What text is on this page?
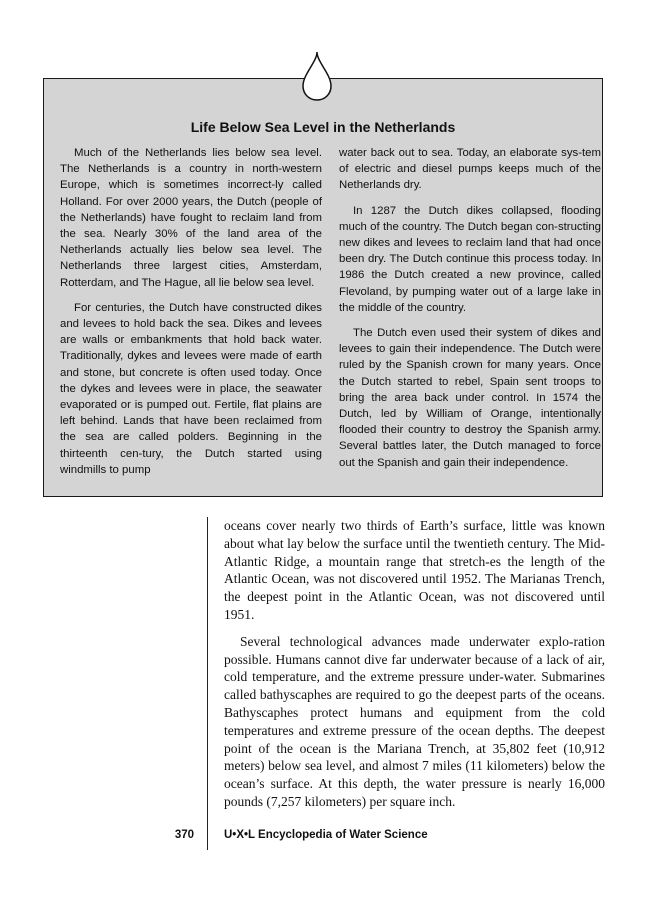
Life Below Sea Level in the Netherlands

Much of the Netherlands lies below sea level. The Netherlands is a country in north-western Europe, which is sometimes incorrect-ly called Holland. For over 2000 years, the Dutch (people of the Netherlands) have fought to reclaim land from the sea. Nearly 30% of the land area of the Netherlands actually lies below sea level. The Netherlands three largest cities, Amsterdam, Rotterdam, and The Hague, all lie below sea level.

For centuries, the Dutch have constructed dikes and levees to hold back the sea. Dikes and levees are walls or embankments that hold back water. Traditionally, dykes and levees were made of earth and stone, but concrete is often used today. Once the dykes and levees were in place, the seawater evaporated or is pumped out. Fertile, flat plains are left behind. Lands that have been reclaimed from the sea are called polders. Beginning in the thirteenth cen-tury, the Dutch started using windmills to pump

water back out to sea. Today, an elaborate sys-tem of electric and diesel pumps keeps much of the Netherlands dry.

In 1287 the Dutch dikes collapsed, flooding much of the country. The Dutch began con-structing new dikes and levees to reclaim land that had once been dry. The Dutch continue this process today. In 1986 the Dutch created a new province, called Flevoland, by pumping water out of a large lake in the middle of the country.

The Dutch even used their system of dikes and levees to gain their independence. The Dutch were ruled by the Spanish crown for many years. Once the Dutch started to rebel, Spain sent troops to bring the area back under control. In 1574 the Dutch, led by William of Orange, intentionally flooded their country to destroy the Spanish army. Several battles later, the Dutch managed to force out the Spanish and gain their independence.

oceans cover nearly two thirds of Earth’s surface, little was known about what lay below the surface until the twentieth century. The Mid-Atlantic Ridge, a mountain range that stretch-es the length of the Atlantic Ocean, was not discovered until 1952. The Marianas Trench, the deepest point in the Atlantic Ocean, was not discovered until 1951.

Several technological advances made underwater explo-ration possible. Humans cannot dive far underwater because of a lack of air, cold temperature, and the extreme pressure under-water. Submarines called bathyscaphes are required to go the deepest parts of the oceans. Bathyscaphes protect humans and equipment from the cold temperatures and extreme pressure of the ocean depths. The deepest point of the ocean is the Mariana Trench, at 35,802 feet (10,912 meters) below sea level, and almost 7 miles (11 kilometers) below the ocean’s surface. At this depth, the water pressure is nearly 16,000 pounds (7,257 kilometers) per square inch.

370	U•X•L Encyclopedia of Water Science
